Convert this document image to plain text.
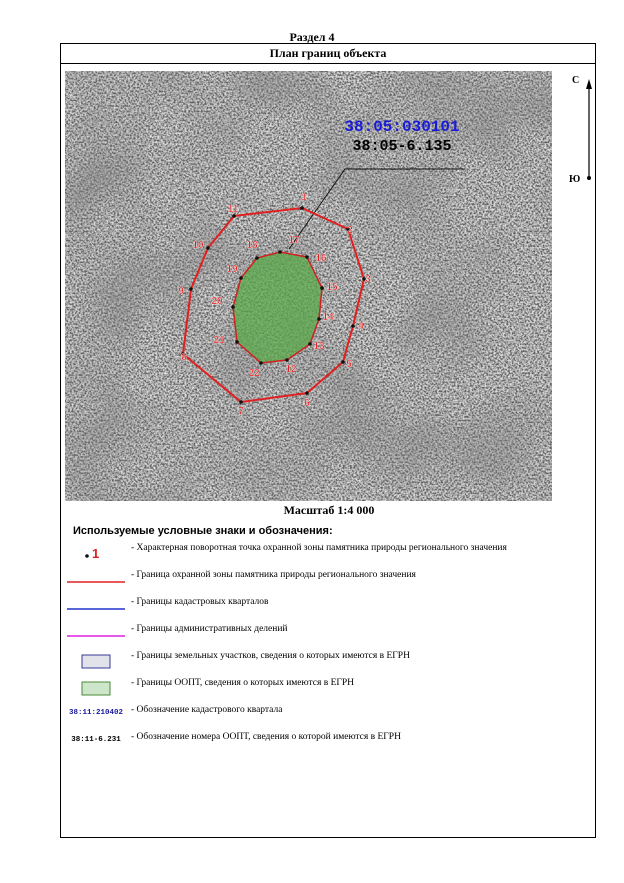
Раздел 4
План границ объекта
1
2
3
4
5
6
7
8
9
10
11
12
13
14
15
16
17
18
19
20
21
22
38:05:030101
38:05-6.135
С
Ю
Масштаб 1:4 000
Используемые условные знаки и обозначения:
1	- Характерная поворотная точка охранной зоны памятника природы регионального значения
- Граница охранной зоны памятника природы регионального значения
- Границы кадастровых кварталов
- Границы административных делений
- Границы земельных участков, сведения о которых имеются в ЕГРН
- Границы ООПТ, сведения о которых имеются в ЕГРН
38:11:210402 - Обозначение кадастрового квартала
38:11-6.231	- Обозначение номера ООПТ, сведения о которой имеются в ЕГРН
